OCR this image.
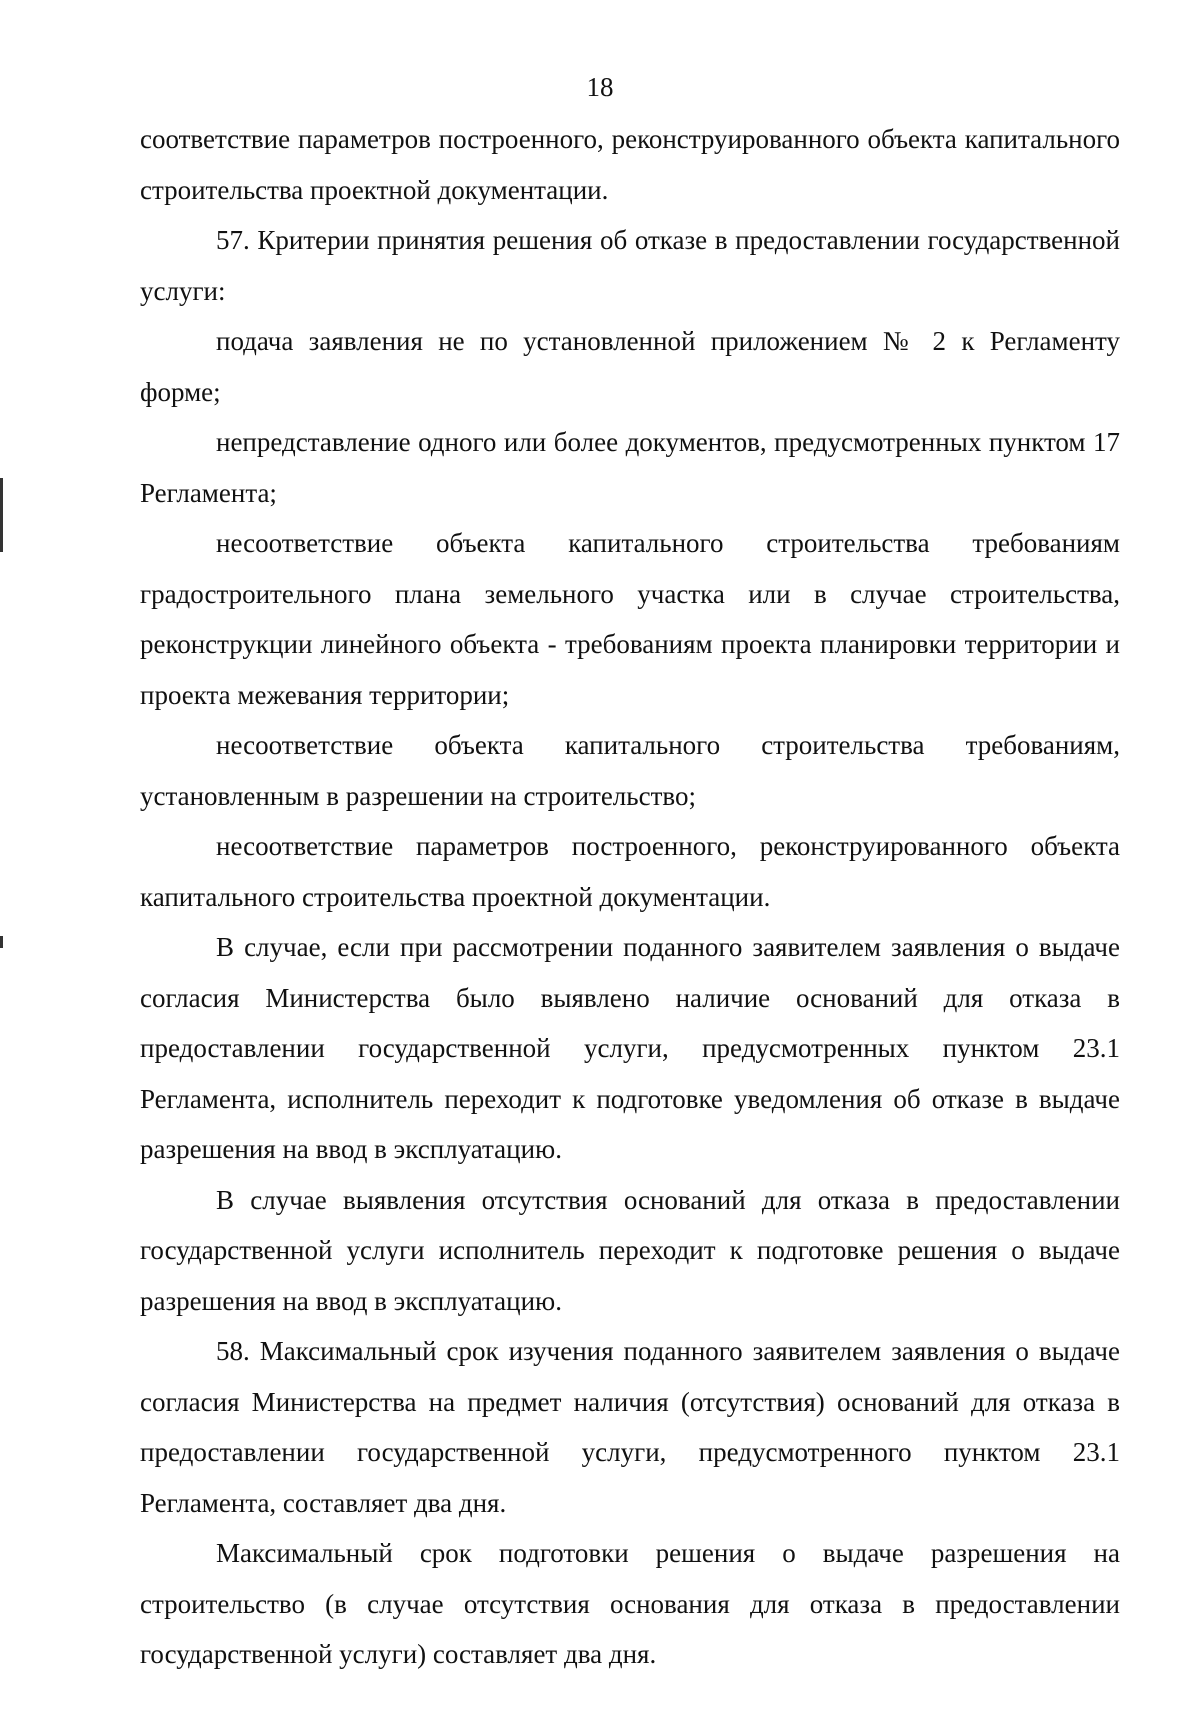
18

соответствие параметров построенного, реконструированного объекта капитального строительства проектной документации.

57. Критерии принятия решения об отказе в предоставлении государственной услуги:

подача заявления не по установленной приложением № 2 к Регламенту форме;

непредставление одного или более документов, предусмотренных пунктом 17 Регламента;

несоответствие объекта капитального строительства требованиям градостроительного плана земельного участка или в случае строительства, реконструкции линейного объекта - требованиям проекта планировки территории и проекта межевания территории;

несоответствие объекта капитального строительства требованиям, установленным в разрешении на строительство;

несоответствие параметров построенного, реконструированного объекта капитального строительства проектной документации.

В случае, если при рассмотрении поданного заявителем заявления о выдаче согласия Министерства было выявлено наличие оснований для отказа в предоставлении государственной услуги, предусмотренных пунктом 23.1 Регламента, исполнитель переходит к подготовке уведомления об отказе в выдаче разрешения на ввод в эксплуатацию.

В случае выявления отсутствия оснований для отказа в предоставлении государственной услуги исполнитель переходит к подготовке решения о выдаче разрешения на ввод в эксплуатацию.

58. Максимальный срок изучения поданного заявителем заявления о выдаче согласия Министерства на предмет наличия (отсутствия) оснований для отказа в предоставлении государственной услуги, предусмотренного пунктом 23.1 Регламента, составляет два дня.

Максимальный срок подготовки решения о выдаче разрешения на строительство (в случае отсутствия основания для отказа в предоставлении государственной услуги) составляет два дня.
